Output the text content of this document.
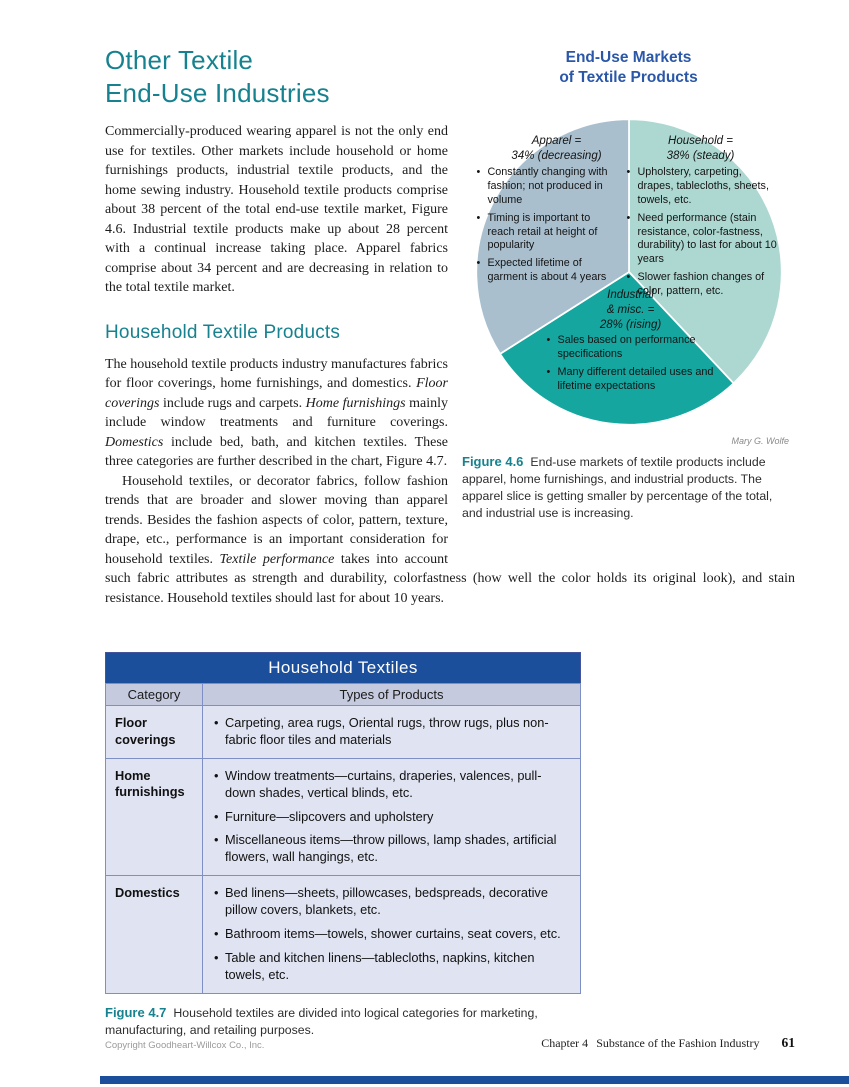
End-Use Markets
of Textile Products
Apparel =
34% (decreasing)
Household =
38% (steady)
Industrial
& misc. =
28% (rising)
• Constantly changing with fashion; not produced in volume
• Timing is important to reach retail at height of popularity
• Expected lifetime of garment is about 4 years
• Upholstery, carpeting, drapes, tablecloths, sheets, towels, etc.
• Need performance (stain resistance, color-fastness, durability) to last for about 10 years
• Slower fashion changes of color, pattern, etc.
• Sales based on performance specifications
• Many different detailed uses and lifetime expectations
Mary G. Wolfe
Figure 4.6 End-use markets of textile products include apparel, home furnishings, and industrial products. The apparel slice is getting smaller by percentage of the total, and industrial use is increasing.
Other Textile
End-Use Industries

Commercially-produced wearing apparel is not the only end use for textiles. Other markets include household or home furnishings products, industrial textile products, and the home sewing industry. Household textile products comprise about 38 percent of the total end-use textile market, Figure 4.6. Industrial textile products make up about 28 percent with a continual increase taking place. Apparel fabrics comprise about 34 percent and are decreasing in relation to the total textile market.

Household Textile Products

The household textile products industry manufactures fabrics for floor coverings, home furnishings, and domestics. Floor coverings include rugs and carpets. Home furnishings mainly include window treatments and furniture coverings. Domestics include bed, bath, and kitchen textiles. These three categories are further described in the chart, Figure 4.7.

Household textiles, or decorator fabrics, follow fashion trends that are broader and slower moving than apparel trends. Besides the fashion aspects of color, pattern, texture, drape, etc., performance is an important consideration for household textiles. Textile performance takes into account such fabric attributes as strength and durability, colorfastness (how well the color holds its original look), and stain resistance. Household textiles should last for about 10 years.

Household Textiles	
Category	Types of Products
Floor coverings	• Carpeting, area rugs, Oriental rugs, throw rugs, plus non-fabric floor tiles and materials

Home furnishings	• Window treatments—curtains, draperies, valences, pull-down shades, vertical blinds, etc.
• Furniture—slipcovers and upholstery
• Miscellaneous items—throw pillows, lamp shades, artificial flowers, wall hangings, etc.

Domestics	• Bed linens—sheets, pillowcases, bedspreads, decorative pillow covers, blankets, etc.
• Bathroom items—towels, shower curtains, seat covers, etc.
• Table and kitchen linens—tablecloths, napkins, kitchen towels, etc.
Figure 4.7 Household textiles are divided into logical categories for marketing, manufacturing, and retailing purposes.
Copyright Goodheart-Willcox Co., Inc.	Chapter 4 Substance of the Fashion Industry 61
